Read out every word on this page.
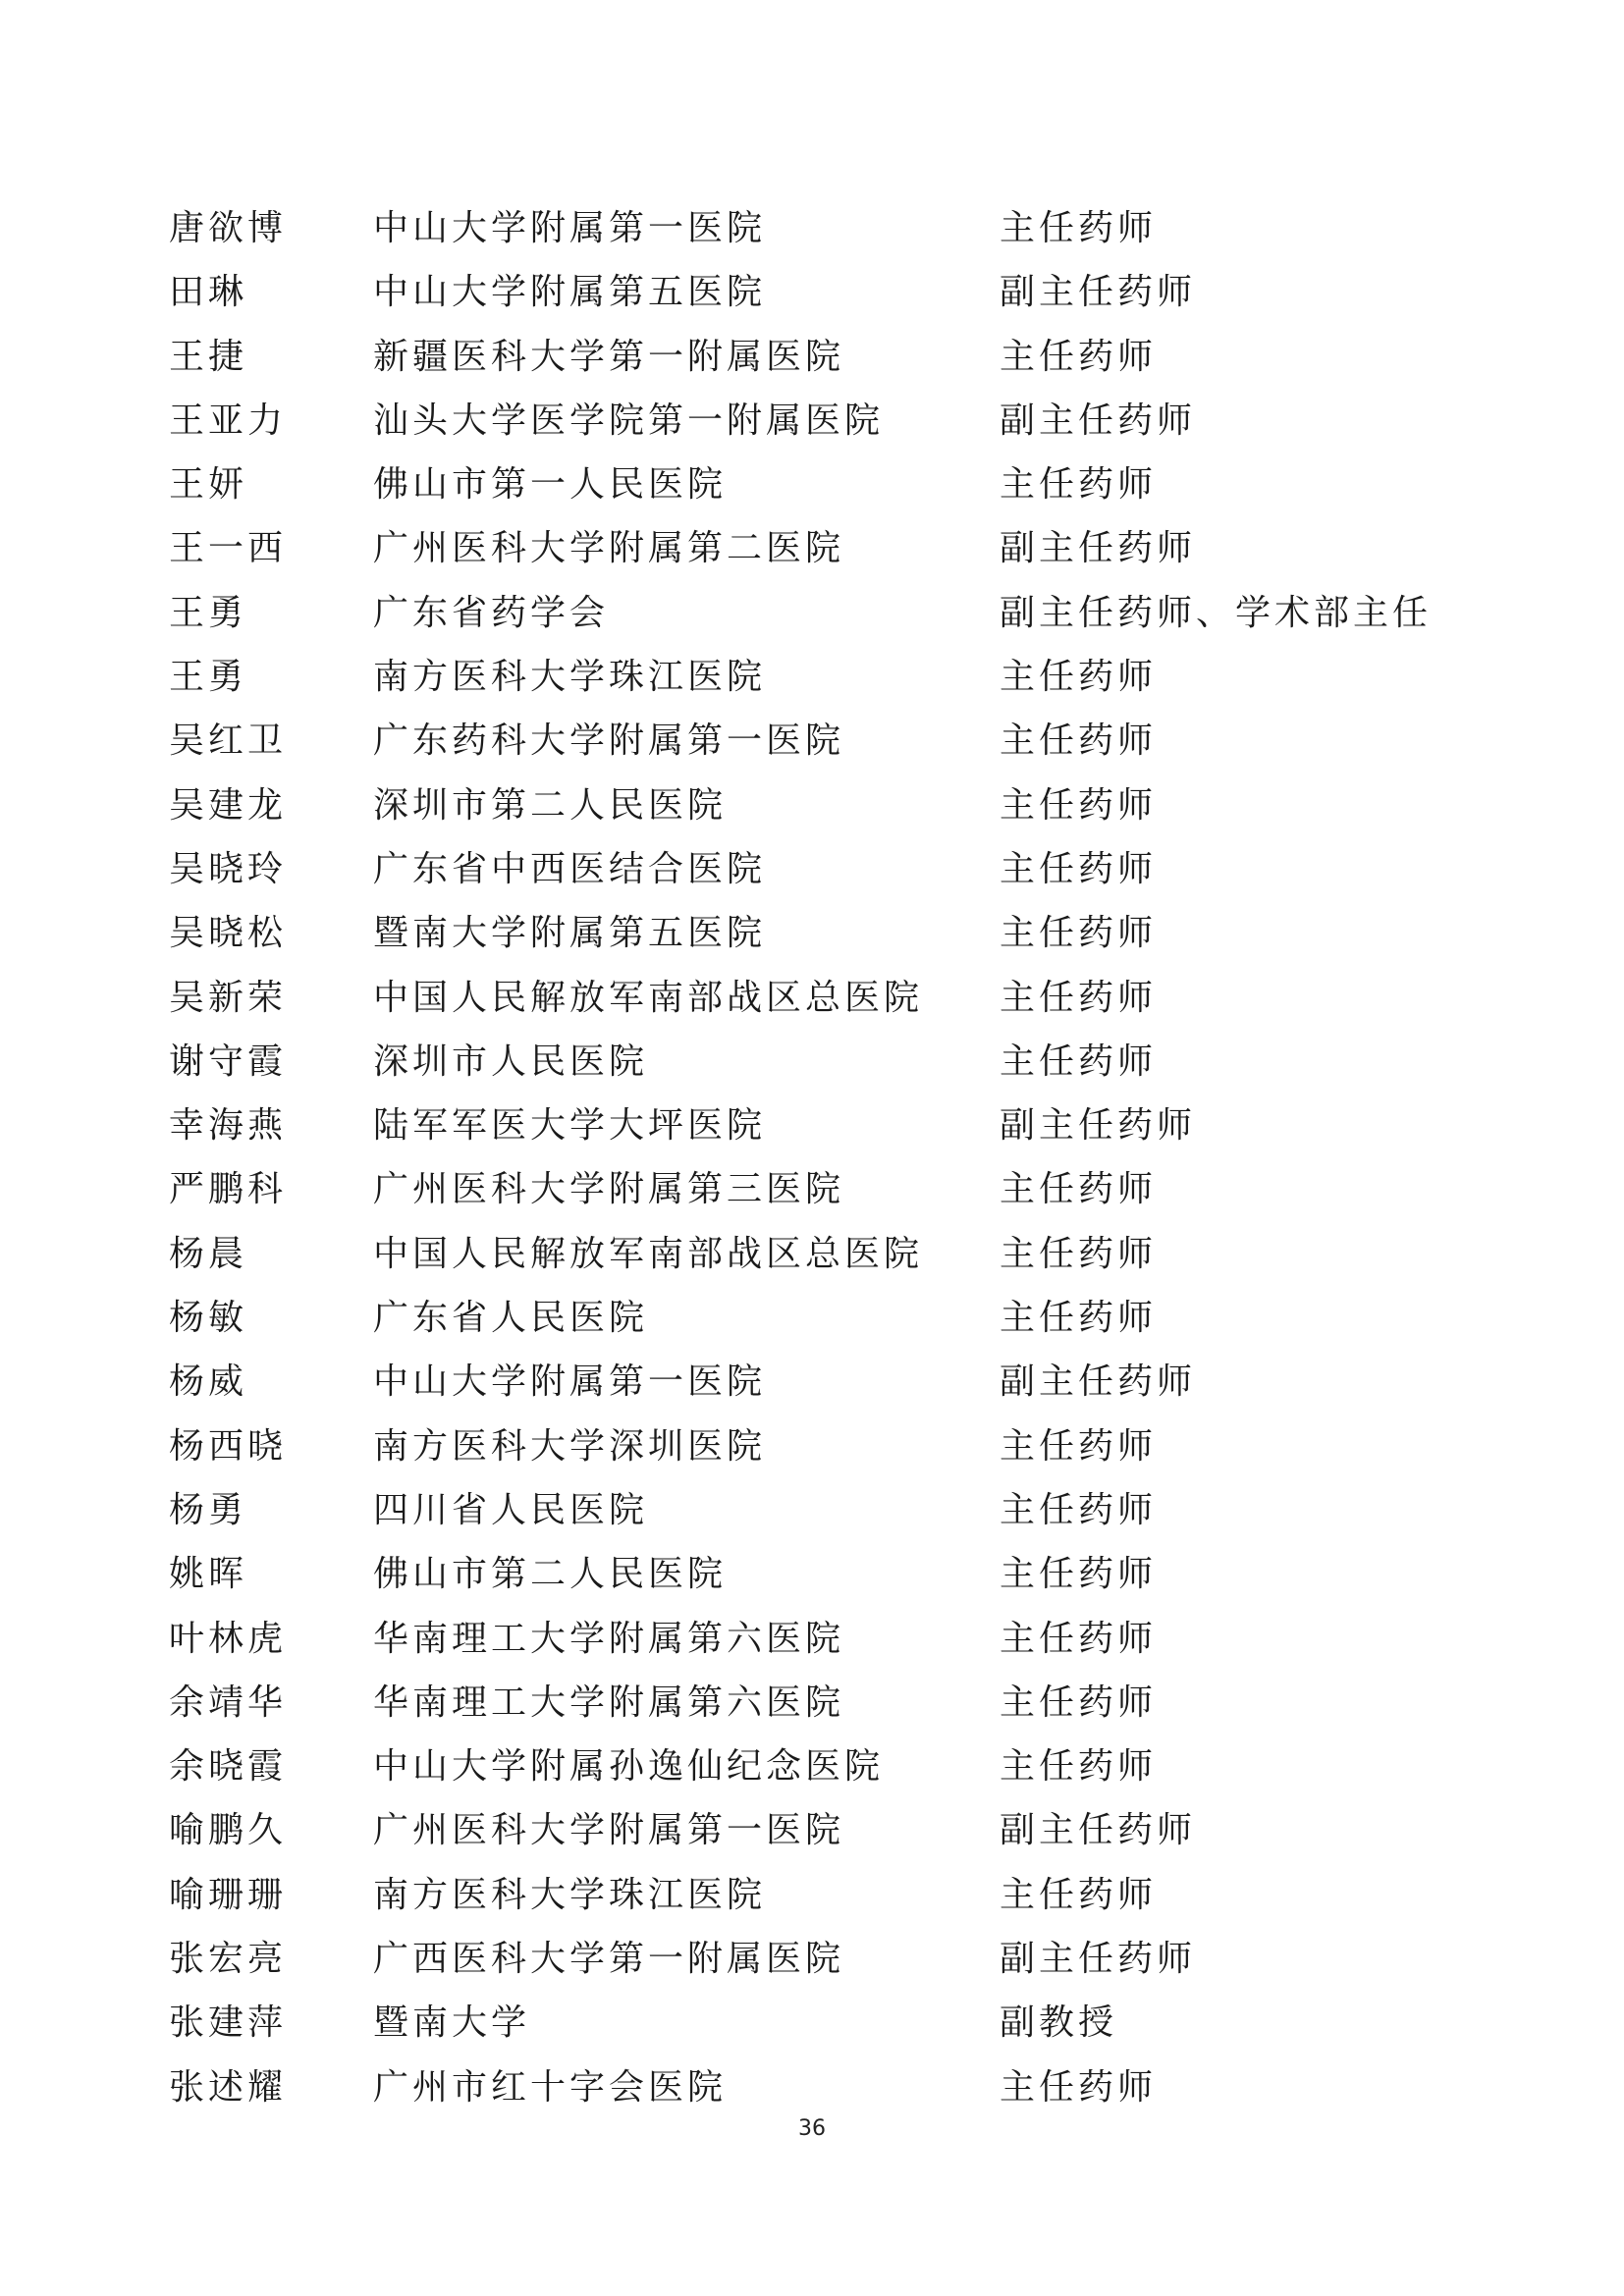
唐欲博 中山大学附属第一医院	主任药师
田琳	中山大学附属第五医院	副主任药师
王捷	新疆医科大学第一附属医院	主任药师
王亚力 汕头大学医学院第一附属医院	副主任药师
王妍	佛山市第一人民医院	主任药师
王一西 广州医科大学附属第二医院	副主任药师
王勇	广东省药学会	副主任药师、学术部主任
王勇	南方医科大学珠江医院	主任药师
吴红卫 广东药科大学附属第一医院	主任药师
吴建龙 深圳市第二人民医院	主任药师
吴晓玲 广东省中西医结合医院	主任药师
吴晓松 暨南大学附属第五医院	主任药师
吴新荣 中国人民解放军南部战区总医院 主任药师
谢守霞 深圳市人民医院	主任药师
幸海燕 陆军军医大学大坪医院	副主任药师
严鹏科 广州医科大学附属第三医院	主任药师
杨晨	中国人民解放军南部战区总医院 主任药师
杨敏	广东省人民医院	主任药师
杨威	中山大学附属第一医院	副主任药师
杨西晓 南方医科大学深圳医院	主任药师
杨勇	四川省人民医院	主任药师
姚晖	佛山市第二人民医院	主任药师
叶林虎 华南理工大学附属第六医院	主任药师
余靖华 华南理工大学附属第六医院	主任药师
余晓霞 中山大学附属孙逸仙纪念医院	主任药师
喻鹏久 广州医科大学附属第一医院	副主任药师
喻珊珊 南方医科大学珠江医院	主任药师
张宏亮 广西医科大学第一附属医院	副主任药师
张建萍 暨南大学	副教授
张述耀 广州市红十字会医院	主任药师
36
